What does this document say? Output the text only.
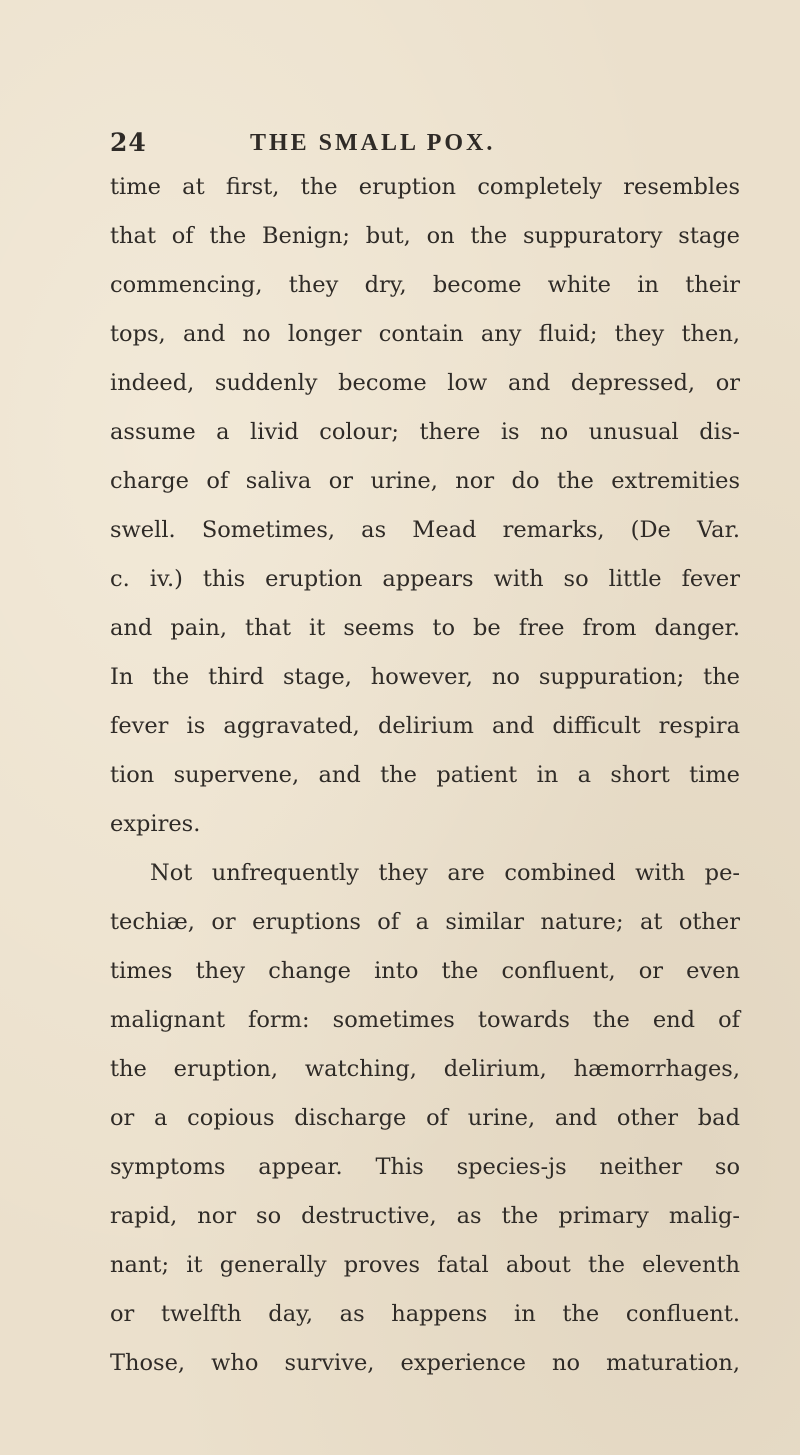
24	THE SMALL POX.
time at first, the eruption completely resembles
that of the Benign; but, on the suppuratory stage
commencing, they dry, become white in their
tops, and no longer contain any fluid; they then,
indeed, suddenly become low and depressed, or
assume a livid colour; there is no unusual dis-
charge of saliva or urine, nor do the extremities
swell. Sometimes, as Mead remarks, (De Var.
c. iv.) this eruption appears with so little fever
and pain, that it seems to be free from danger.
In the third stage, however, no suppuration; the
fever is aggravated, delirium and difficult respira
tion supervene, and the patient in a short time
expires.
Not unfrequently they are combined with pe-
techiæ, or eruptions of a similar nature; at other
times they change into the confluent, or even
malignant form: sometimes towards the end of
the eruption, watching, delirium, hæmorrhages,
or a copious discharge of urine, and other bad
symptoms appear. This species-js neither so
rapid, nor so destructive, as the primary malig-
nant; it generally proves fatal about the eleventh
or twelfth day, as happens in the confluent.
Those, who survive, experience no maturation,
